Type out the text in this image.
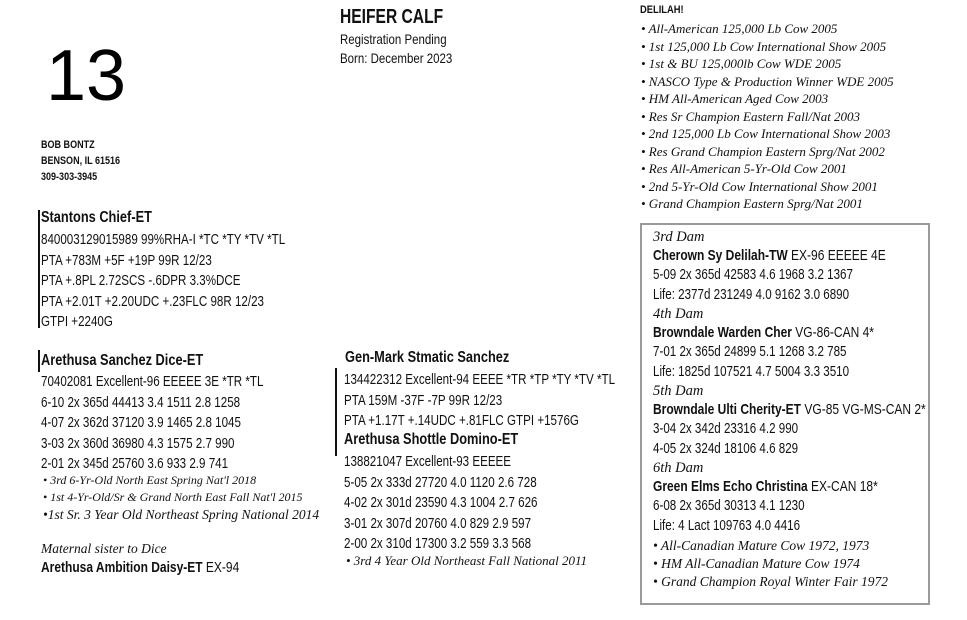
13
HEIFER CALF
Registration Pending
Born: December 2023
BOB BONTZ
BENSON, IL 61516
309-303-3945
DELILAH!
• All-American 125,000 Lb Cow 2005
• 1st 125,000 Lb Cow International Show 2005
• 1st & BU 125,000lb Cow WDE 2005
• NASCO Type & Production Winner WDE 2005
• HM All-American Aged Cow 2003
• Res Sr Champion Eastern Fall/Nat 2003
• 2nd 125,000 Lb Cow International Show 2003
• Res Grand Champion Eastern Sprg/Nat 2002
• Res All-American 5-Yr-Old Cow 2001
• 2nd 5-Yr-Old Cow International Show 2001
• Grand Champion Eastern Sprg/Nat 2001
Stantons Chief-ET
840003129015989 99%RHA-I *TC *TY *TV *TL
PTA +783M +5F +19P 99R 12/23
PTA +.8PL 2.72SCS -.6DPR 3.3%DCE
PTA +2.01T +2.20UDC +.23FLC 98R 12/23
GTPI +2240G
Arethusa Sanchez Dice-ET
70402081 Excellent-96 EEEEE 3E *TR *TL
6-10 2x 365d 44413 3.4 1511 2.8 1258
4-07 2x 362d 37120 3.9 1465 2.8 1045
3-03 2x 360d 36980 4.3 1575 2.7 990
2-01 2x 345d 25760 3.6 933 2.9 741
• 3rd 6-Yr-Old North East Spring Nat'l 2018
• 1st 4-Yr-Old/Sr & Grand North East Fall Nat'l 2015
•1st Sr. 3 Year Old Northeast Spring National 2014
Maternal sister to Dice
Arethusa Ambition Daisy-ET EX-94
Gen-Mark Stmatic Sanchez
134422312 Excellent-94 EEEE *TR *TP *TY *TV *TL
PTA 159M -37F -7P 99R 12/23
PTA +1.17T +.14UDC +.81FLC GTPI +1576G
Arethusa Shottle Domino-ET
138821047 Excellent-93 EEEEE
5-05 2x 333d 27720 4.0 1120 2.6 728
4-02 2x 301d 23590 4.3 1004 2.7 626
3-01 2x 307d 20760 4.0 829 2.9 597
2-00 2x 310d 17300 3.2 559 3.3 568
• 3rd 4 Year Old Northeast Fall National 2011
3rd Dam
Cherown Sy Delilah-TW EX-96 EEEEE 4E
5-09 2x 365d 42583 4.6 1968 3.2 1367
Life: 2377d 231249 4.0 9162 3.0 6890
4th Dam
Browndale Warden Cher VG-86-CAN 4*
7-01 2x 365d 24899 5.1 1268 3.2 785
Life: 1825d 107521 4.7 5004 3.3 3510
5th Dam
Browndale Ulti Cherity-ET VG-85 VG-MS-CAN 2*
3-04 2x 342d 23316 4.2 990
4-05 2x 324d 18106 4.6 829
6th Dam
Green Elms Echo Christina EX-CAN 18*
6-08 2x 365d 30313 4.1 1230
Life: 4 Lact 109763 4.0 4416
• All-Canadian Mature Cow 1972, 1973
• HM All-Canadian Mature Cow 1974
• Grand Champion Royal Winter Fair 1972
